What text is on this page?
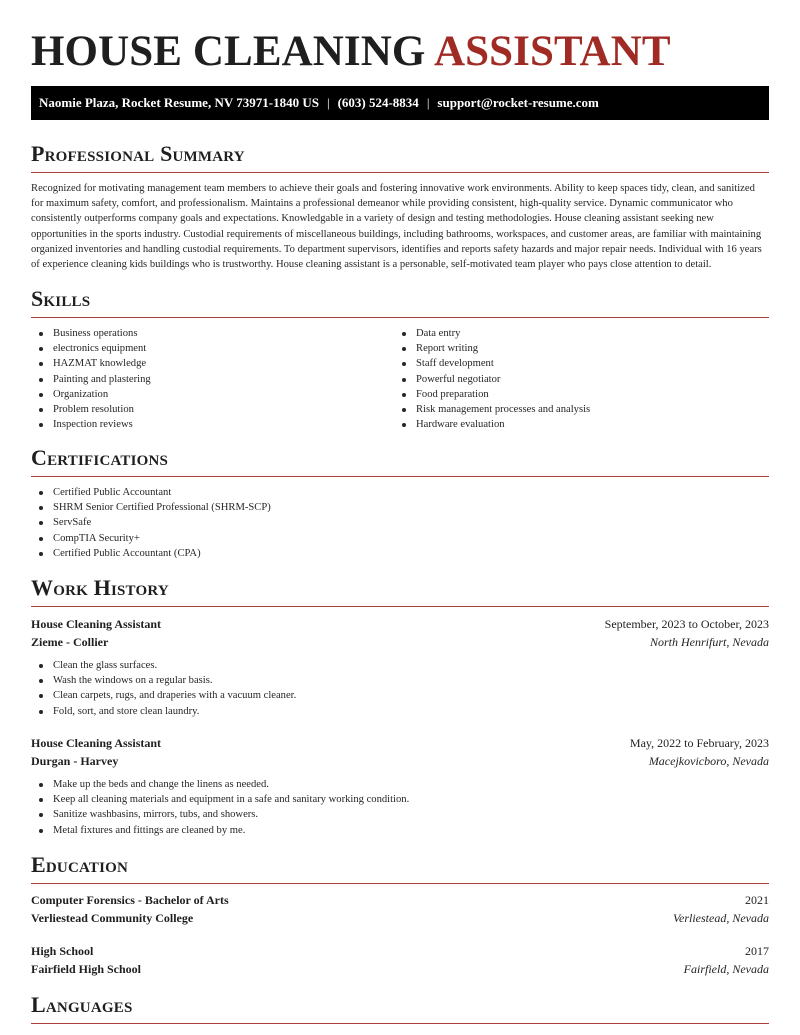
HOUSE CLEANING ASSISTANT
Naomie Plaza, Rocket Resume, NV 73971-1840 US | (603) 524-8834 | support@rocket-resume.com
Professional Summary

Recognized for motivating management team members to achieve their goals and fostering innovative work environments. Ability to keep spaces tidy, clean, and sanitized for maximum safety, comfort, and professionalism. Maintains a professional demeanor while providing consistent, high-quality service. Dynamic communicator who consistently outperforms company goals and expectations. Knowledgable in a variety of design and testing methodologies. House cleaning assistant seeking new opportunities in the sports industry. Custodial requirements of miscellaneous buildings, including bathrooms, workspaces, and customer areas, are familiar with maintaining organized inventories and handling custodial requirements. To department supervisors, identifies and reports safety hazards and major repair needs. Individual with 16 years of experience cleaning kids buildings who is trustworthy. House cleaning assistant is a personable, self-motivated team player who pays close attention to detail.

Skills
Business operations
electronics equipment
HAZMAT knowledge
Painting and plastering
Organization
Problem resolution
Inspection reviews
Data entry
Report writing
Staff development
Powerful negotiator
Food preparation
Risk management processes and analysis
Hardware evaluation
Certifications
Certified Public Accountant
SHRM Senior Certified Professional (SHRM-SCP)
ServSafe
CompTIA Security+
Certified Public Accountant (CPA)
Work History
House Cleaning Assistant	September, 2023 to October, 2023
Zieme - Collier	North Henrifurt, Nevada
Clean the glass surfaces.
Wash the windows on a regular basis.
Clean carpets, rugs, and draperies with a vacuum cleaner.
Fold, sort, and store clean laundry.
House Cleaning Assistant	May, 2022 to February, 2023
Durgan - Harvey	Macejkovicboro, Nevada
Make up the beds and change the linens as needed.
Keep all cleaning materials and equipment in a safe and sanitary working condition.
Sanitize washbasins, mirrors, tubs, and showers.
Metal fixtures and fittings are cleaned by me.
Education
Computer Forensics - Bachelor of Arts	2021
Verliestead Community College	Verliestead, Nevada
High School	2017
Fairfield High School	Fairfield, Nevada
Languages
